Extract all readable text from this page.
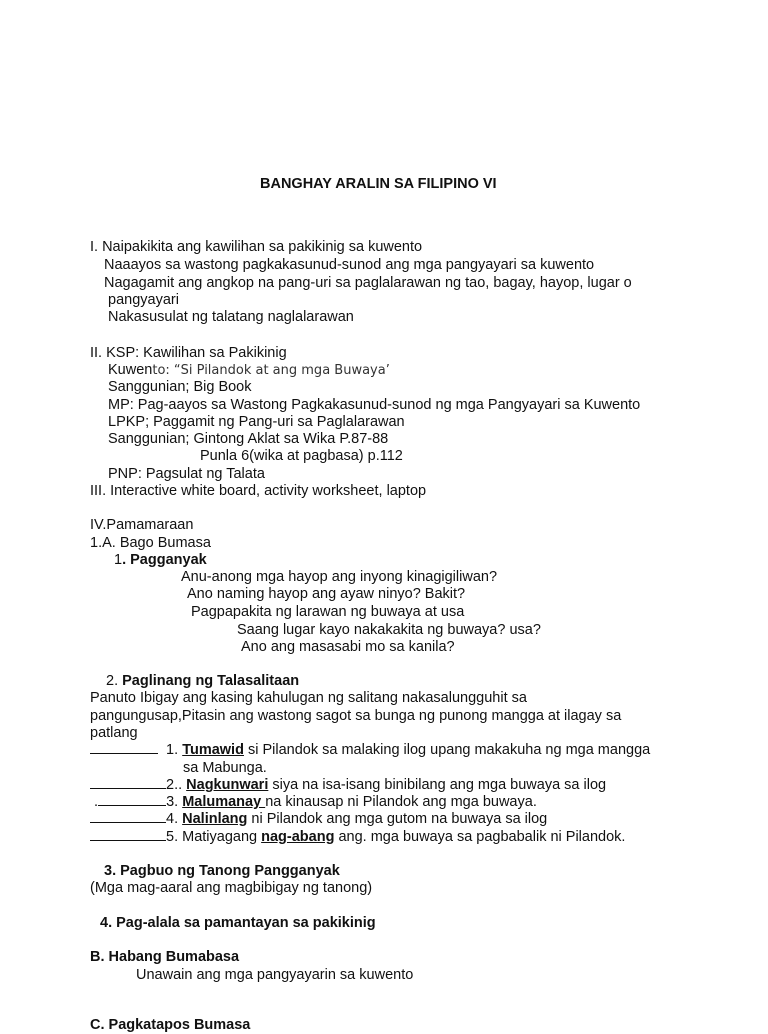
BANGHAY ARALIN SA FILIPINO VI
I. Naipakikita ang kawilihan sa pakikinig sa kuwento
Naaayos sa wastong pagkakasunud-sunod ang mga pangyayari sa kuwento
Nagagamit ang angkop na pang-uri sa paglalarawan ng tao, bagay, hayop, lugar o
pangyayari
Nakasusulat ng talatang naglalarawan
II. KSP: Kawilihan sa Pakikinig
Kuwento: “Si Pilandok at ang mga Buwaya’
Sanggunian; Big Book
MP: Pag-aayos sa Wastong Pagkakasunud-sunod ng mga Pangyayari sa Kuwento
LPKP; Paggamit ng Pang-uri sa Paglalarawan
Sanggunian; Gintong Aklat sa Wika P.87-88
Punla 6(wika at pagbasa) p.112
PNP: Pagsulat ng Talata
III. Interactive white board, activity worksheet, laptop
IV.Pamamaraan
1.A. Bago Bumasa
1. Pagganyak
Anu-anong mga hayop ang inyong kinagigiliwan?
Ano naming hayop ang ayaw ninyo? Bakit?
Pagpapakita ng larawan ng buwaya at usa
Saang lugar kayo nakakakita ng buwaya? usa?
Ano ang masasabi mo sa kanila?
2. Paglinang ng Talasalitaan
Panuto Ibigay ang kasing kahulugan ng salitang nakasalungguhit sa
pangungusap,Pitasin ang wastong sagot sa bunga ng punong mangga at ilagay sa
patlang
1. Tumawid si Pilandok sa malaking ilog upang makakuha ng mga mangga
sa Mabunga.
2.. Nagkunwari siya na isa-isang binibilang ang mga buwaya sa ilog
.	3. Malumanay na kinausap ni Pilandok ang mga buwaya.
4. Nalinlang ni Pilandok ang mga gutom na buwaya sa ilog
5. Matiyagang nag-abang ang. mga buwaya sa pagbabalik ni Pilandok.
3. Pagbuo ng Tanong Pangganyak
(Mga mag-aaral ang magbibigay ng tanong)
4. Pag-alala sa pamantayan sa pakikinig
B. Habang Bumabasa
Unawain ang mga pangyayarin sa kuwento
C. Pagkatapos Bumasa
